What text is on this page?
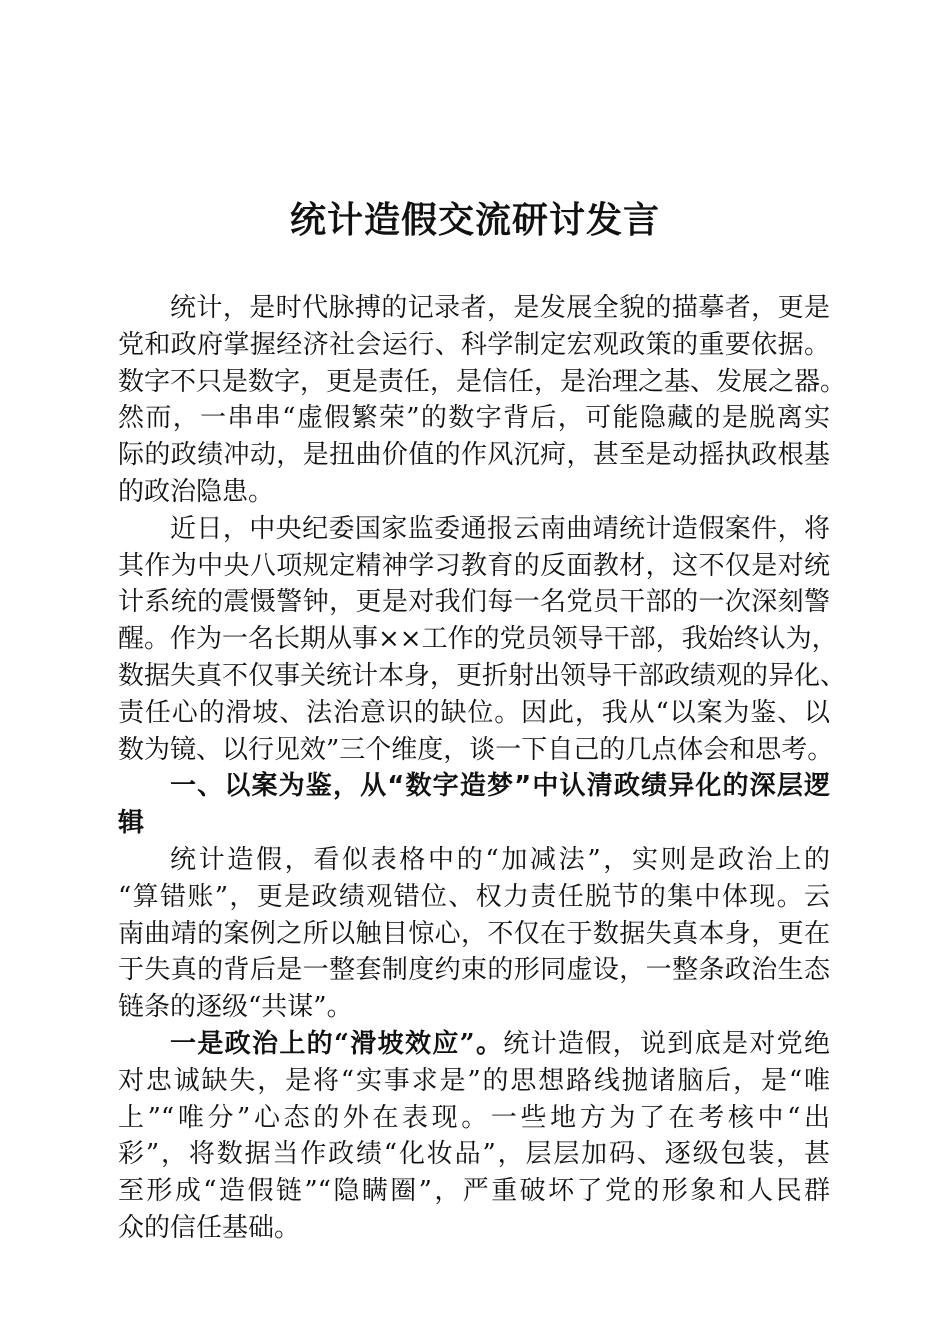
统计造假交流研讨发言
统计，是时代脉搏的记录者，是发展全貌的描摹者，更是
党和政府掌握经济社会运行、科学制定宏观政策的重要依据。
数字不只是数字，更是责任，是信任，是治理之基、发展之器。
然而，一串串“虚假繁荣”的数字背后，可能隐藏的是脱离实
际的政绩冲动，是扭曲价值的作风沉疴，甚至是动摇执政根基
的政治隐患。
近日，中央纪委国家监委通报云南曲靖统计造假案件，将
其作为中央八项规定精神学习教育的反面教材，这不仅是对统
计系统的震慑警钟，更是对我们每一名党员干部的一次深刻警
醒。作为一名长期从事××工作的党员领导干部，我始终认为，
数据失真不仅事关统计本身，更折射出领导干部政绩观的异化、
责任心的滑坡、法治意识的缺位。因此，我从“以案为鉴、以
数为镜、以行见效”三个维度，谈一下自己的几点体会和思考。
一、以案为鉴，从“数字造梦”中认清政绩异化的深层逻
辑
统计造假，看似表格中的“加减法”，实则是政治上的
“算错账”，更是政绩观错位、权力责任脱节的集中体现。云
南曲靖的案例之所以触目惊心，不仅在于数据失真本身，更在
于失真的背后是一整套制度约束的形同虚设，一整条政治生态
链条的逐级“共谋”。
一是政治上的“滑坡效应”。统计造假，说到底是对党绝
对忠诚缺失，是将“实事求是”的思想路线抛诸脑后，是“唯
上”“唯分”心态的外在表现。一些地方为了在考核中“出
彩”，将数据当作政绩“化妆品”，层层加码、逐级包装，甚
至形成“造假链”“隐瞒圈”，严重破坏了党的形象和人民群
众的信任基础。
